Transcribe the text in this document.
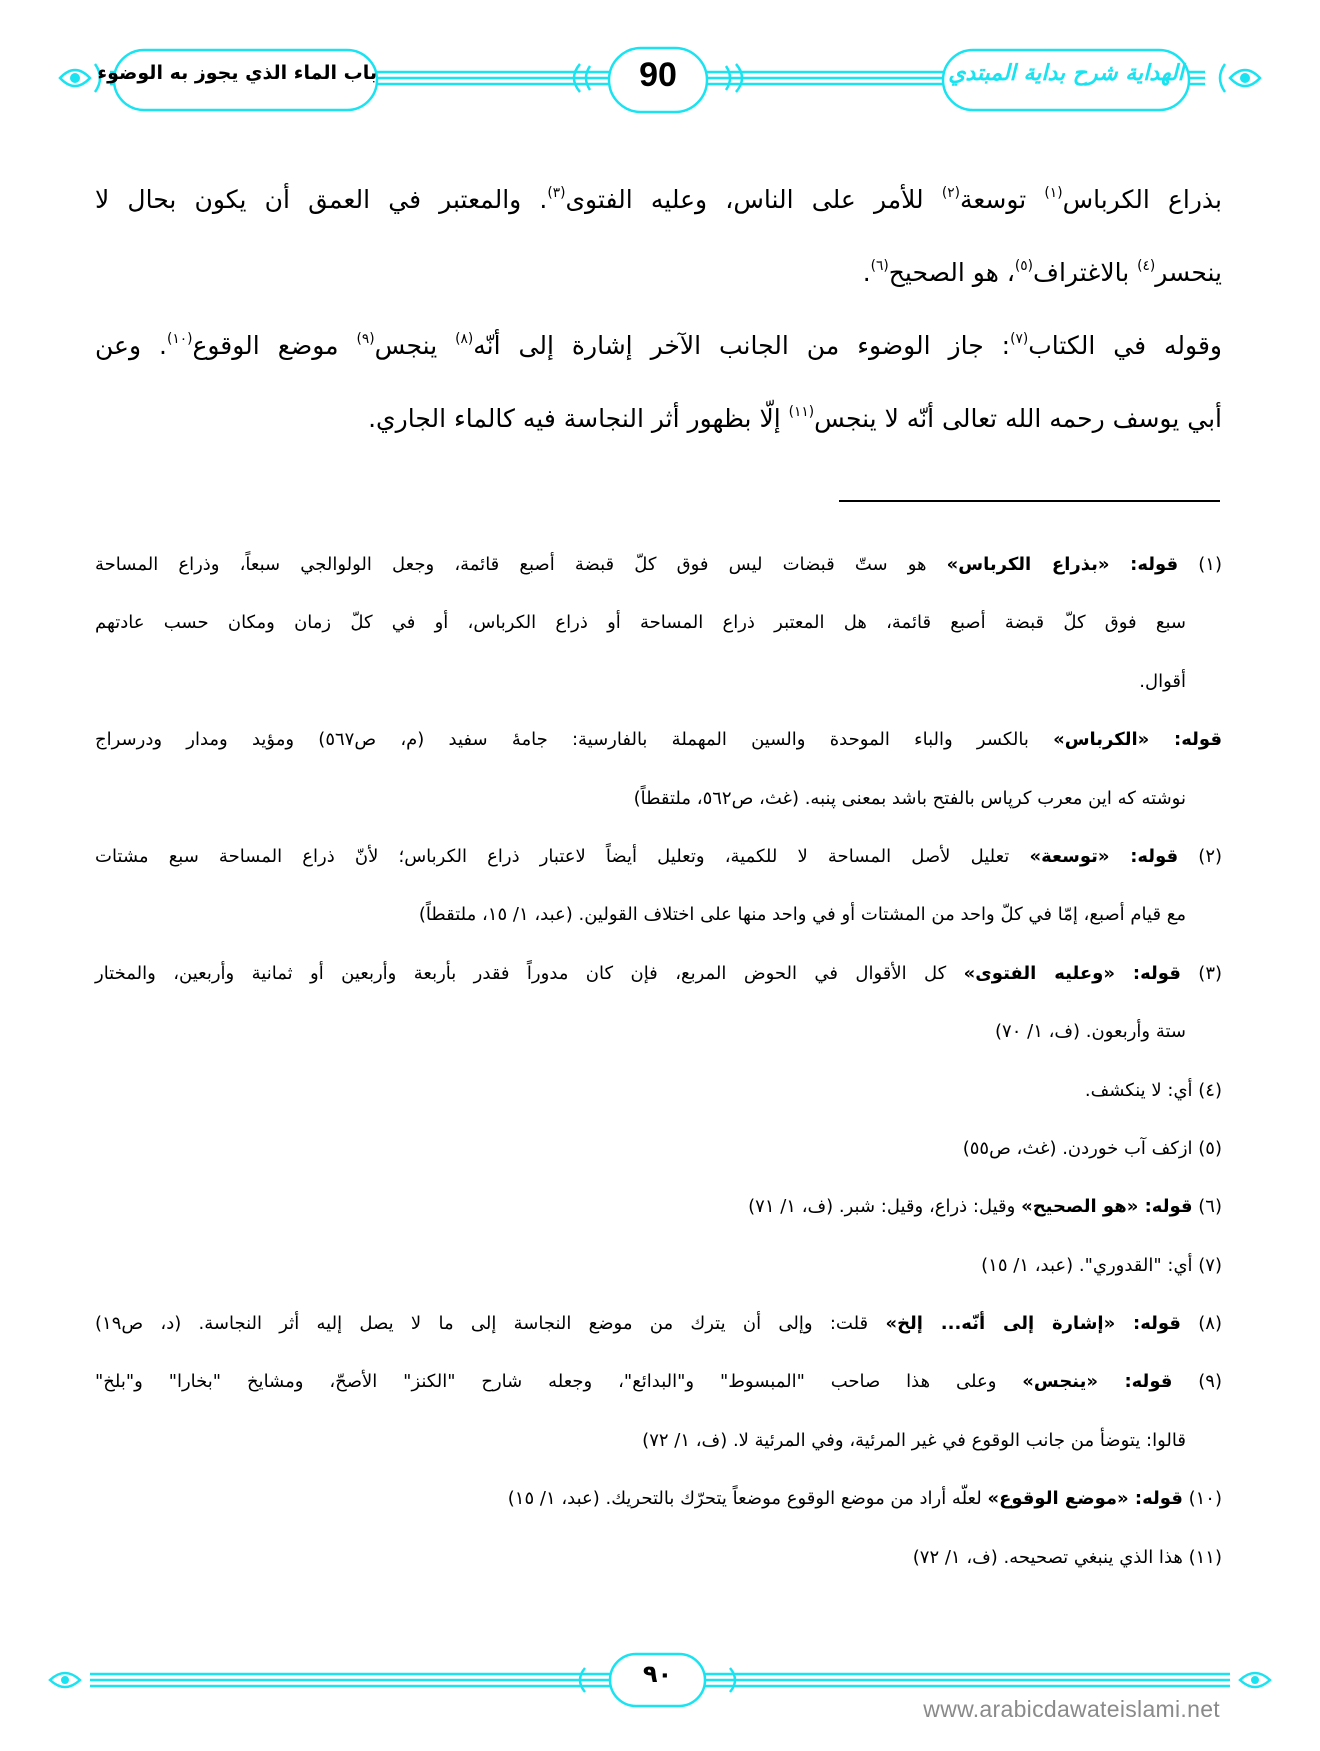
باب الماء الذي يجوز به الوضوء	90	الهداية شرح بداية المبتدي
بذراع الكرباس$^{(١)}$ توسعة$^{(٢)}$ للأمر على الناس، وعليه الفتوى$^{(٣)}$. والمعتبر في العمق أن يكون بحال لا
ينحسر$^{(٤)}$ بالاغتراف$^{(٥)}$، هو الصحيح$^{(٦)}$.
وقوله في الكتاب$^{(٧)}$: جاز الوضوء من الجانب الآخر إشارة إلى أنّه$^{(٨)}$ ينجس$^{(٩)}$ موضع الوقوع$^{(١٠)}$. وعن
أبي يوسف رحمه الله تعالى أنّه لا ينجس$^{(١١)}$ إلّا بظهور أثر النجاسة فيه كالماء الجاري.
(١) قوله: «بذراع الكرباس» هو ستّ قبضات ليس فوق كلّ قبضة أصبع قائمة، وجعل الولوالجي سبعاً، وذراع المساحة
سبع فوق كلّ قبضة أصبع قائمة، هل المعتبر ذراع المساحة أو ذراع الكرباس، أو في كلّ زمان ومكان حسب عادتهم
أقوال.
قوله: «الكرباس» بالكسر والباء الموحدة والسين المهملة بالفارسية: جامهٔ سفيد (م، ص٥٦٧) ومؤيد ومدار ودرسراج
نوشته كه اين معرب كرپاس بالفتح باشد بمعنى پنبه. (غث، ص٥٦٢، ملتقطاً)
(٢) قوله: «توسعة» تعليل لأصل المساحة لا للكمية، وتعليل أيضاً لاعتبار ذراع الكرباس؛ لأنّ ذراع المساحة سبع مشتات
مع قيام أصبع، إمّا في كلّ واحد من المشتات أو في واحد منها على اختلاف القولين. (عبد، ١/ ١٥، ملتقطاً)
(٣) قوله: «وعليه الفتوى» كل الأقوال في الحوض المربع، فإن كان مدوراً فقدر بأربعة وأربعين أو ثمانية وأربعين، والمختار
ستة وأربعون. (ف، ١/ ٧٠)
(٤) أي: لا ينكشف.
(٥) ازكف آب خوردن. (غث، ص٥٥)
(٦) قوله: «هو الصحيح» وقيل: ذراع، وقيل: شبر. (ف، ١/ ٧١)
(٧) أي: "القدوري". (عبد، ١/ ١٥)
(٨) قوله: «إشارة إلى أنّه... إلخ» قلت: وإلى أن يترك من موضع النجاسة إلى ما لا يصل إليه أثر النجاسة. (د، ص١٩)
(٩) قوله: «ينجس» وعلى هذا صاحب "المبسوط" و"البدائع"، وجعله شارح "الكنز" الأصحّ، ومشايخ "بخارا" و"بلخ"
قالوا: يتوضأ من جانب الوقوع في غير المرئية، وفي المرئية لا. (ف، ١/ ٧٢)
(١٠) قوله: «موضع الوقوع» لعلّه أراد من موضع الوقوع موضعاً يتحرّك بالتحريك. (عبد، ١/ ١٥)
(١١) هذا الذي ينبغي تصحيحه. (ف، ١/ ٧٢)
٩٠
www.arabicdawateislami.net
